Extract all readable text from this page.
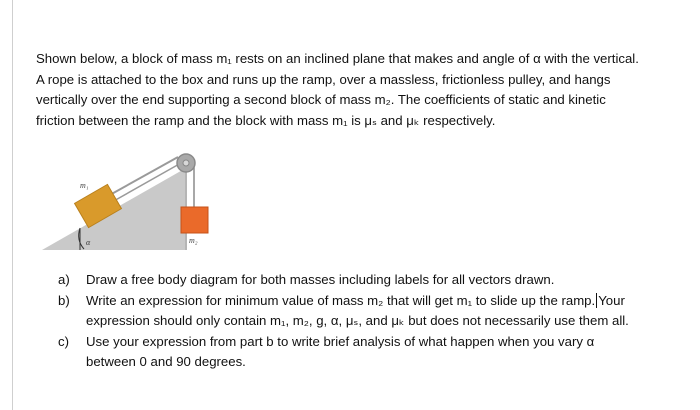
Shown below, a block of mass m₁ rests on an inclined plane that makes and angle of α with the vertical.
A rope is attached to the box and runs up the ramp, over a massless, frictionless pulley, and hangs
vertically over the end supporting a second block of mass m₂. The coefficients of static and kinetic
friction between the ramp and the block with mass m₁ is μₛ and μₖ respectively.
m₁
m₂
α
a) Draw a free body diagram for both masses including labels for all vectors drawn.
b) Write an expression for minimum value of mass m₂ that will get m₁ to slide up the ramp. Your
expression should only contain m₁, m₂, g, α, μₛ, and μₖ but does not necessarily use them all.
c) Use your expression from part b to write brief analysis of what happen when you vary α
between 0 and 90 degrees.
